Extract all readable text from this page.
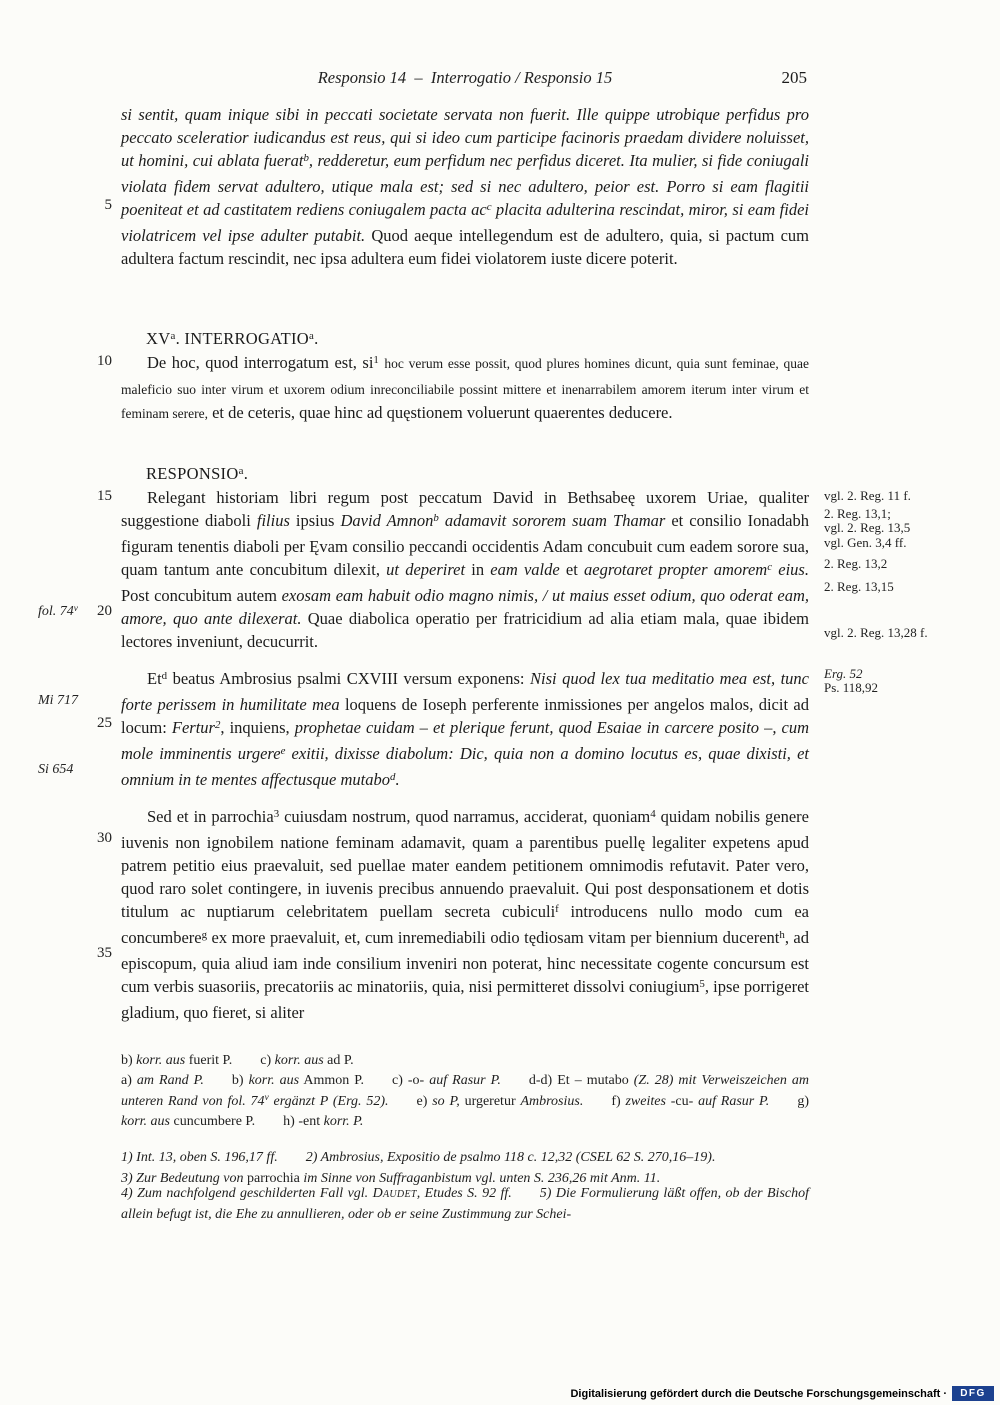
Responsio 14 – Interrogatio / Responsio 15	205
si sentit, quam inique sibi in peccati societate servata non fuerit. Ille quippe utrobique perfidus pro peccato sceleratior iudicandus est reus, qui si ideo cum participe facinoris praedam dividere noluisset, ut homini, cui ablata fuerat$^b$, redderetur, eum perfidum nec perfidus diceret. Ita mulier, si fide coniugali violata fidem servat adultero, utique mala est; sed si nec adultero, peior est. Porro si eam flagitii poeniteat et ad castitatem rediens coniugalem pacta $ac^c$ placita adulterina rescindat, miror, si eam fidei violatricem vel ipse adulter putabit. Quod aeque intellegendum est de adultero, quia, si pactum cum adultera factum rescindit, nec ipsa adultera eum fidei violatorem iuste dicere poterit.
$XV^a$. INTERROGATIO$^a$.
De hoc, quod interrogatum est, $si^1$ hoc verum esse possit, quod plures homines dicunt, quia sunt feminae, quae maleficio suo inter virum et uxorem odium inreconciliabile possint mittere et inenarrabilem amorem iterum inter virum et feminam serere, et de ceteris, quae hinc ad quęstionem voluerunt quaerentes deducere.
RESPONSIO$^a$.
Relegant historiam libri regum post peccatum David in Bethsabeę uxorem Uriae, qualiter suggestione diaboli filius ipsius David Amnon$^b$ adamavit sororem suam Thamar et consilio Ionadabh figuram tenentis diaboli per Ęvam consilio peccandi occidentis Adam concubuit cum eadem sorore sua, quam tantum ante concubitum dilexit, ut deperiret in eam valde et aegrotaret propter amorem$^c$ eius. Post concubitum autem exosam eam habuit odio magno nimis, / ut maius esset odium, quo oderat eam, amore, quo ante dilexerat. Quae diabolica operatio per fratricidium ad alia etiam mala, quae ibidem lectores inveniunt, decucurrit.
Et$^d$ beatus Ambrosius psalmi CXVIII versum exponens: Nisi quod lex tua meditatio mea est, tunc forte perissem in humilitate mea loquens de Ioseph perferente inmissiones per angelos malos, dicit ad locum: Fertur$^2$, inquiens, prophetae cuidam – et plerique ferunt, quod Esaiae in carcere posito –, cum mole imminentis urgere$^e$ exitii, dixisse diabolum: Dic, quia non a domino locutus es, quae dixisti, et omnium in te mentes affectusque mutabo$^d$.
Sed et in parrochia$^3$ cuiusdam nostrum, quod narramus, acciderat, quoniam$^4$ quidam nobilis genere iuvenis non ignobilem natione feminam adamavit, quam a parentibus puellę legaliter expetens apud patrem petitio eius praevaluit, sed puellae mater eandem petitionem omnimodis refutavit. Pater vero, quod raro solet contingere, in iuvenis precibus annuendo praevaluit. Qui post desponsationem et dotis titulum ac nuptiarum celebritatem puellam secreta cubiculi$^f$ introducens nullo modo cum ea concumbere$^g$ ex more praevaluit, et, cum inremediabili odio tędiosam vitam per biennium ducerent$^h$, ad episcopum, quia aliud iam inde consilium inveniri non poterat, hinc necessitate cogente concursum est cum verbis suasoriis, precatoriis ac minatoriis, quia, nisi permitteret dissolvi coniugium$^5$, ipse porrigeret gladium, quo fieret, si aliter
b) korr. aus fuerit P.  c) korr. aus ad P.
a) am Rand P.  b) korr. aus Ammon P.  c) -o- auf Rasur P.  d-d) Et – mutabo (Z. 28) mit Verweiszeichen am unteren Rand von fol. 74$^v$ ergänzt P (Erg. 52).  e) so P, urgeretur Ambrosius.  f) zweites -cu- auf Rasur P.  g) korr. aus cuncumbere P.  h) -ent korr. P.
1) Int. 13, oben S. 196,17 ff.  2) Ambrosius, Expositio de psalmo 118 c. 12,32 (CSEL 62 S. 270,16–19).
3) Zur Bedeutung von parrochia im Sinne von Suffraganbistum vgl. unten S. 236,26 mit Anm. 11.
4) Zum nachfolgend geschilderten Fall vgl. Daudet, Etudes S. 92 ff.  5) Die Formulierung läßt offen, ob der Bischof allein befugt ist, die Ehe zu annullieren, oder ob er seine Zustimmung zur Schei-
5
10
15
fol. 74$^v$	20
Mi 717
25
Si 654
30
35
vgl. 2. Reg. 11 f.
2. Reg. 13,1;
vgl. 2. Reg. 13,5
vgl. Gen. 3,4 ff.
2. Reg. 13,2
2. Reg. 13,15
vgl. 2. Reg. 13,28 f.
Erg. 52
Ps. 118,92
Digitalisierung gefördert durch die Deutsche Forschungsgemeinschaft ·	DFG
